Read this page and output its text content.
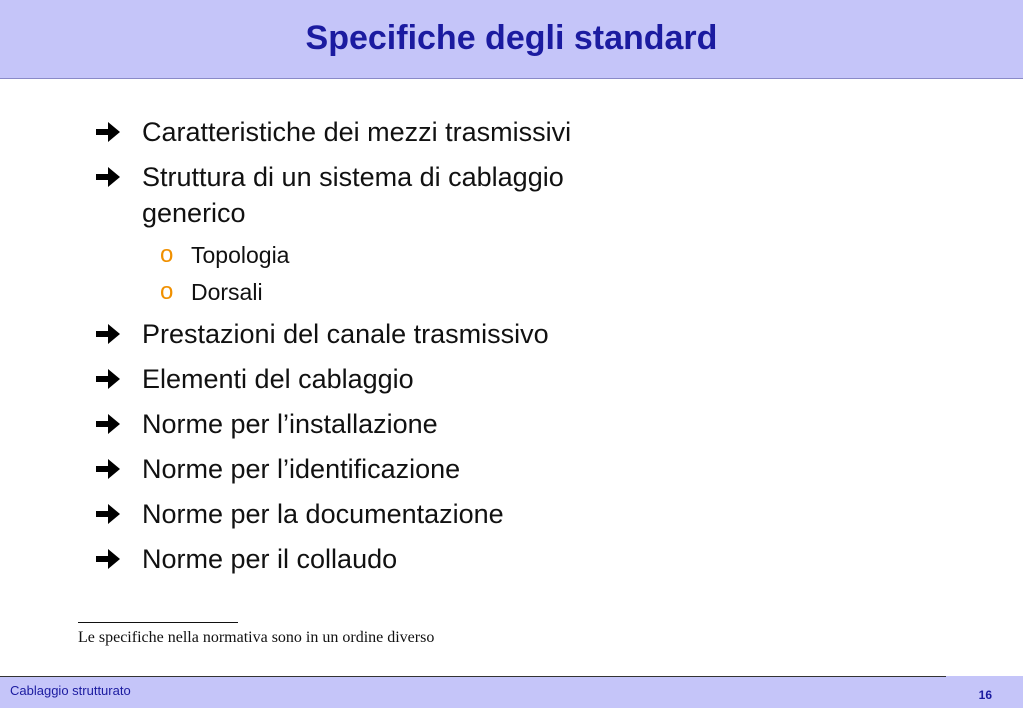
Specifiche degli standard
Caratteristiche dei mezzi trasmissivi
Struttura di un sistema di cablaggio generico
o Topologia
o Dorsali
Prestazioni del canale trasmissivo
Elementi del cablaggio
Norme per l’installazione
Norme per l’identificazione
Norme per la documentazione
Norme per il collaudo
Le specifiche nella normativa sono in un ordine diverso
Cablaggio strutturato	16
